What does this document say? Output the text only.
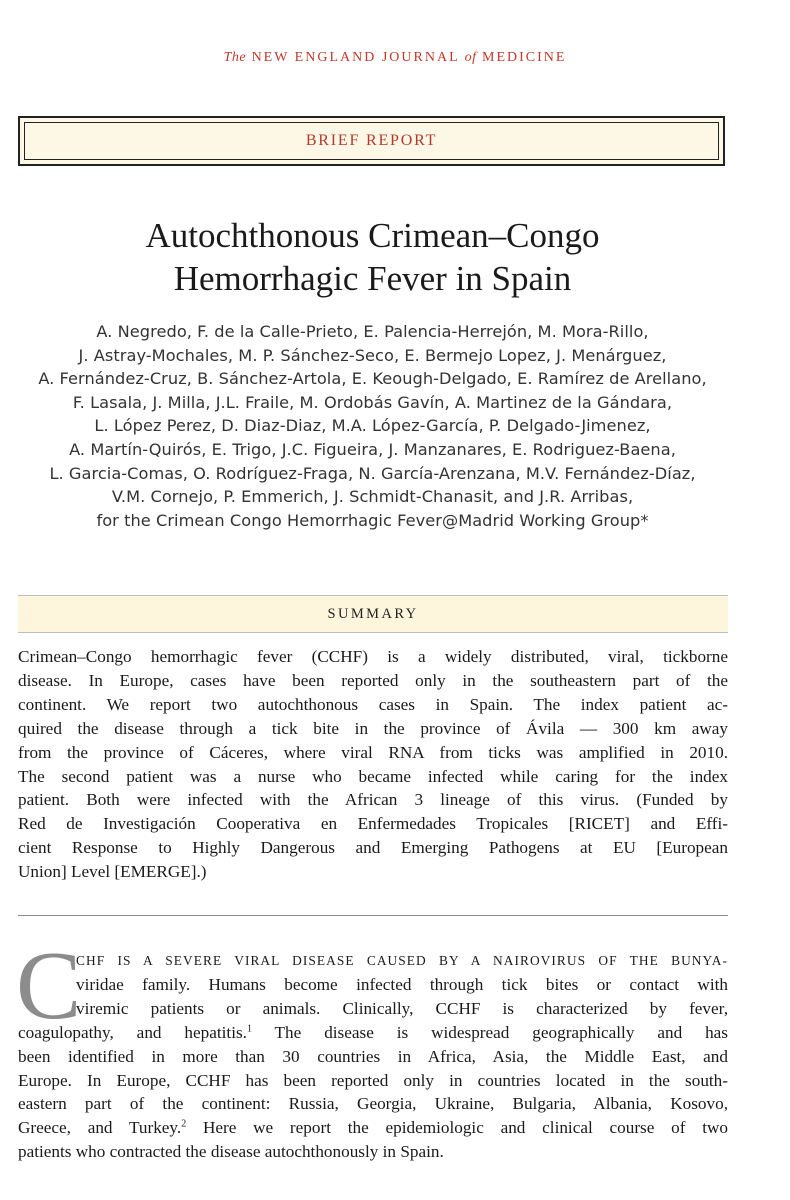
The NEW ENGLAND JOURNAL of MEDICINE
BRIEF REPORT
Autochthonous Crimean–Congo
Hemorrhagic Fever in Spain
A. Negredo, F. de la Calle-Prieto, E. Palencia-Herrejón, M. Mora-Rillo,
J. Astray-Mochales, M. P. Sánchez-Seco, E. Bermejo Lopez, J. Menárguez,
A. Fernández-Cruz, B. Sánchez-Artola, E. Keough-Delgado, E. Ramírez de Arellano,
F. Lasala, J. Milla, J.L. Fraile, M. Ordobás Gavín, A. Martinez de la Gándara,
L. López Perez, D. Diaz-Diaz, M.A. López-García, P. Delgado-Jimenez,
A. Martín-Quirós, E. Trigo, J.C. Figueira, J. Manzanares, E. Rodriguez-Baena,
L. Garcia-Comas, O. Rodríguez-Fraga, N. García-Arenzana, M.V. Fernández-Díaz,
V.M. Cornejo, P. Emmerich, J. Schmidt-Chanasit, and J.R. Arribas,
for the Crimean Congo Hemorrhagic Fever@Madrid Working Group*
SUMMARY
Crimean–Congo hemorrhagic fever (CCHF) is a widely distributed, viral, tickborne
disease. In Europe, cases have been reported only in the southeastern part of the
continent. We report two autochthonous cases in Spain. The index patient ac-
quired the disease through a tick bite in the province of Ávila — 300 km away
from the province of Cáceres, where viral RNA from ticks was amplified in 2010.
The second patient was a nurse who became infected while caring for the index
patient. Both were infected with the African 3 lineage of this virus. (Funded by
Red de Investigación Cooperativa en Enfermedades Tropicales [RICET] and Effi-
cient Response to Highly Dangerous and Emerging Pathogens at EU [European
Union] Level [EMERGE].)
C
CHF IS A SEVERE VIRAL DISEASE CAUSED BY A NAIROVIRUS OF THE BUNYA-
viridae family. Humans become infected through tick bites or contact with
viremic patients or animals. Clinically, CCHF is characterized by fever,
coagulopathy, and hepatitis.$^1$ The disease is widespread geographically and has
been identified in more than 30 countries in Africa, Asia, the Middle East, and
Europe. In Europe, CCHF has been reported only in countries located in the south-
eastern part of the continent: Russia, Georgia, Ukraine, Bulgaria, Albania, Kosovo,
Greece, and Turkey.$^2$ Here we report the epidemiologic and clinical course of two
patients who contracted the disease autochthonously in Spain.
